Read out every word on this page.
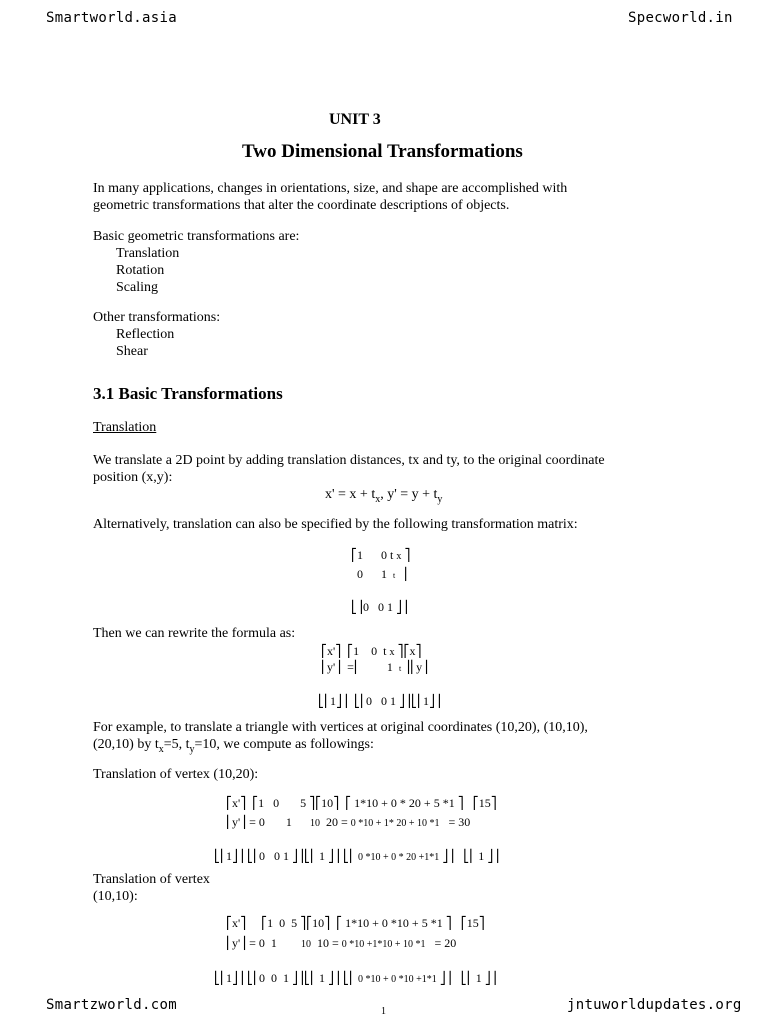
Smartworld.asia	Specworld.in
UNIT 3
Two Dimensional Transformations
In many applications, changes in orientations, size, and shape are accomplished with
geometric transformations that alter the coordinate descriptions of objects.
Basic geometric transformations are:
Translation
Rotation
Scaling
Other transformations:
Reflection
Shear
3.1 Basic Transformations
Translation
We translate a 2D point by adding translation distances, tx and ty, to the original coordinate
position (x,y):
$x' = x + t_x$, $y' = y + t_y$
Alternatively, translation can also be specified by the following transformation matrix:
⎡1      0 t x ⎤
0      1  t  ⎥
⎣⎥0   0 1 ⎦⎥
Then we can rewrite the formula as:
⎡x'⎤  ⎡1    0  t x ⎤⎡x⎤
⎢y'⎥  =⎢         1  t ⎥⎢y⎥
⎣⎢1⎦⎥  ⎣⎢0   0 1 ⎦⎥⎣⎢1⎦⎥
For example, to translate a triangle with vertices at original coordinates (10,20), (10,10),
(20,10) by $t_x=5$, $t_y=10$, we compute as followings:
Translation of vertex (10,20):
⎡x'⎤  ⎡1   0       5 ⎤⎡10⎤  ⎡ 1*10 + 0 * 20 + 5 *1 ⎤   ⎡15⎤
⎢y'⎥ = 0       1      10  20 = 0 *10 + 1* 20 + 10 *1   = 30
⎣⎢1⎦⎥ ⎣⎢0   0 1 ⎦⎥⎣⎢ 1 ⎦⎥ ⎣⎢ 0 *10 + 0 * 20 +1*1 ⎦⎥   ⎣⎢ 1 ⎦⎥
Translation of vertex
(10,10):
⎡x'⎤     ⎡1  0  5 ⎤⎡10⎤  ⎡ 1*10 + 0 *10 + 5 *1 ⎤   ⎡15⎤
⎢y'⎥ = 0  1        10  10 = 0 *10 +1*10 + 10 *1   = 20
⎣⎢1⎦⎥ ⎣⎢0  0  1 ⎦⎥⎣⎢ 1 ⎦⎥ ⎣⎢ 0 *10 + 0 *10 +1*1 ⎦⎥   ⎣⎢ 1 ⎦⎥
Smartzworld.com	1	jntuworldupdates.org
